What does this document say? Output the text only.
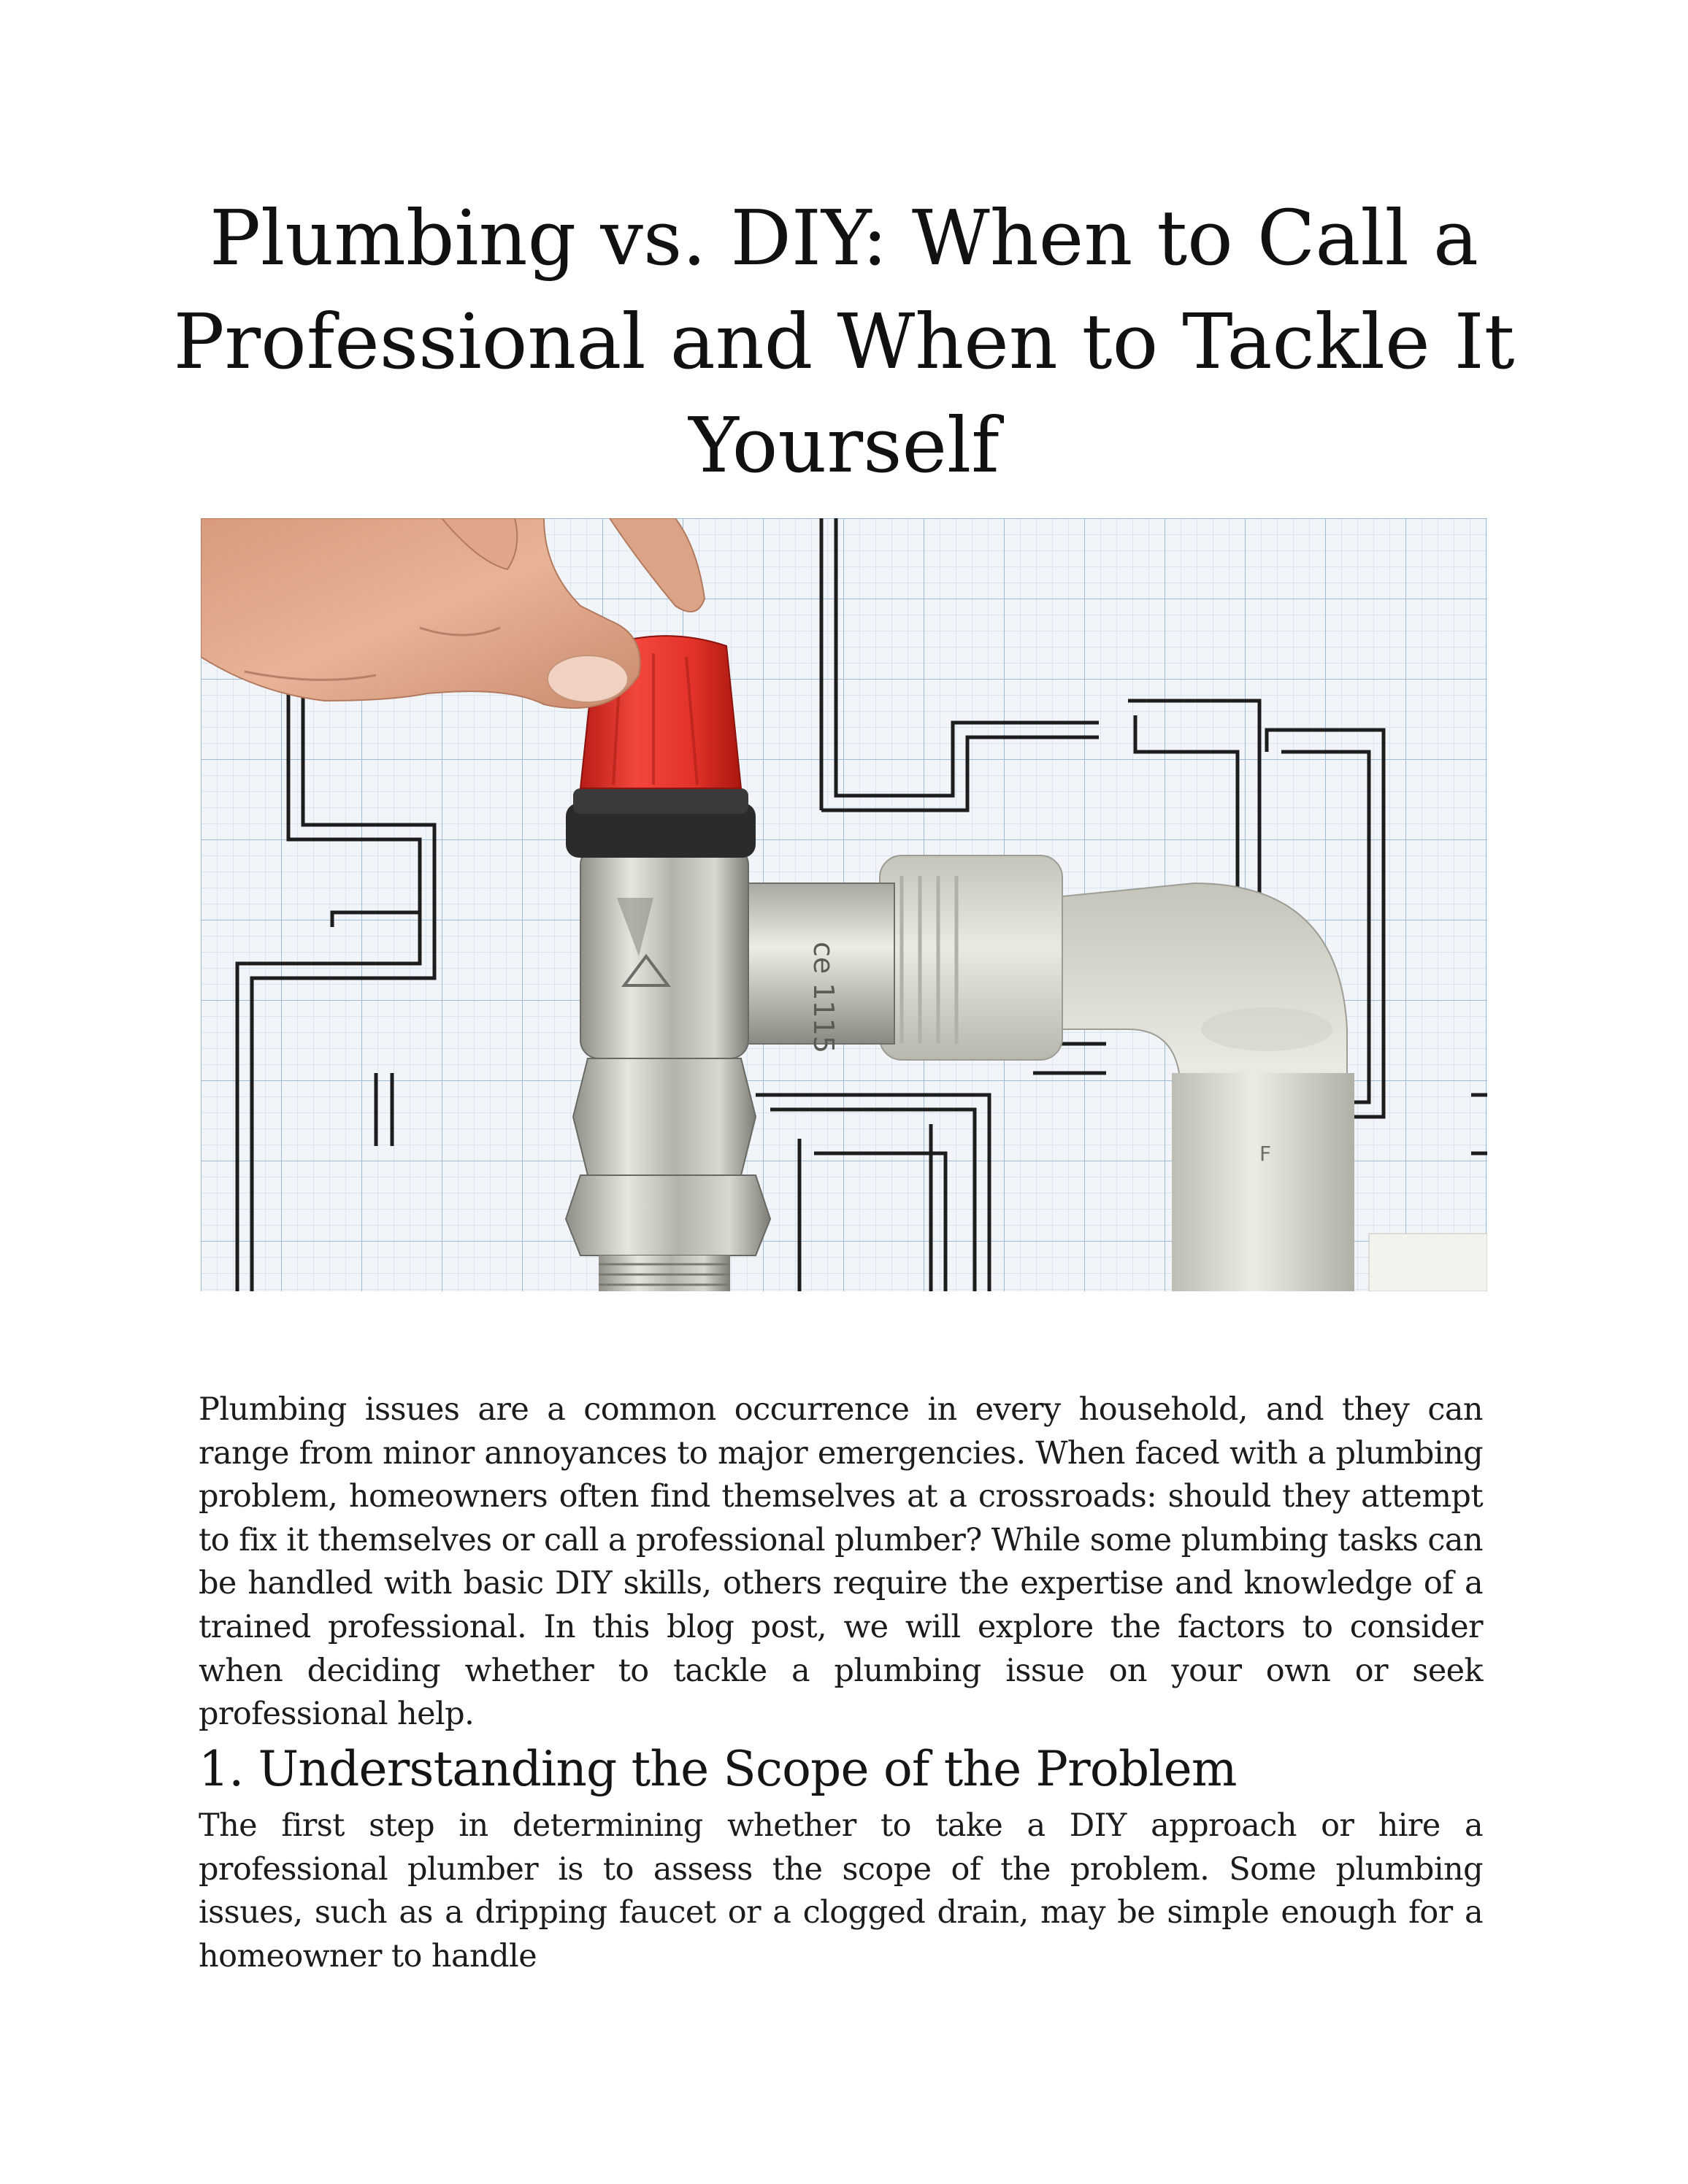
Plumbing vs. DIY: When to Call a Professional and When to Tackle It Yourself
F
ce 1115

Plumbing issues are a common occurrence in every household, and they can range from minor annoyances to major emergencies. When faced with a plumbing problem, homeowners often find themselves at a crossroads: should they attempt to fix it themselves or call a professional plumber? While some plumbing tasks can be handled with basic DIY skills, others require the expertise and knowledge of a trained professional. In this blog post, we will explore the factors to consider when deciding whether to tackle a plumbing issue on your own or seek professional help.

1. Understanding the Scope of the Problem

The first step in determining whether to take a DIY approach or hire a professional plumber is to assess the scope of the problem. Some plumbing issues, such as a dripping faucet or a clogged drain, may be simple enough for a homeowner to handle
